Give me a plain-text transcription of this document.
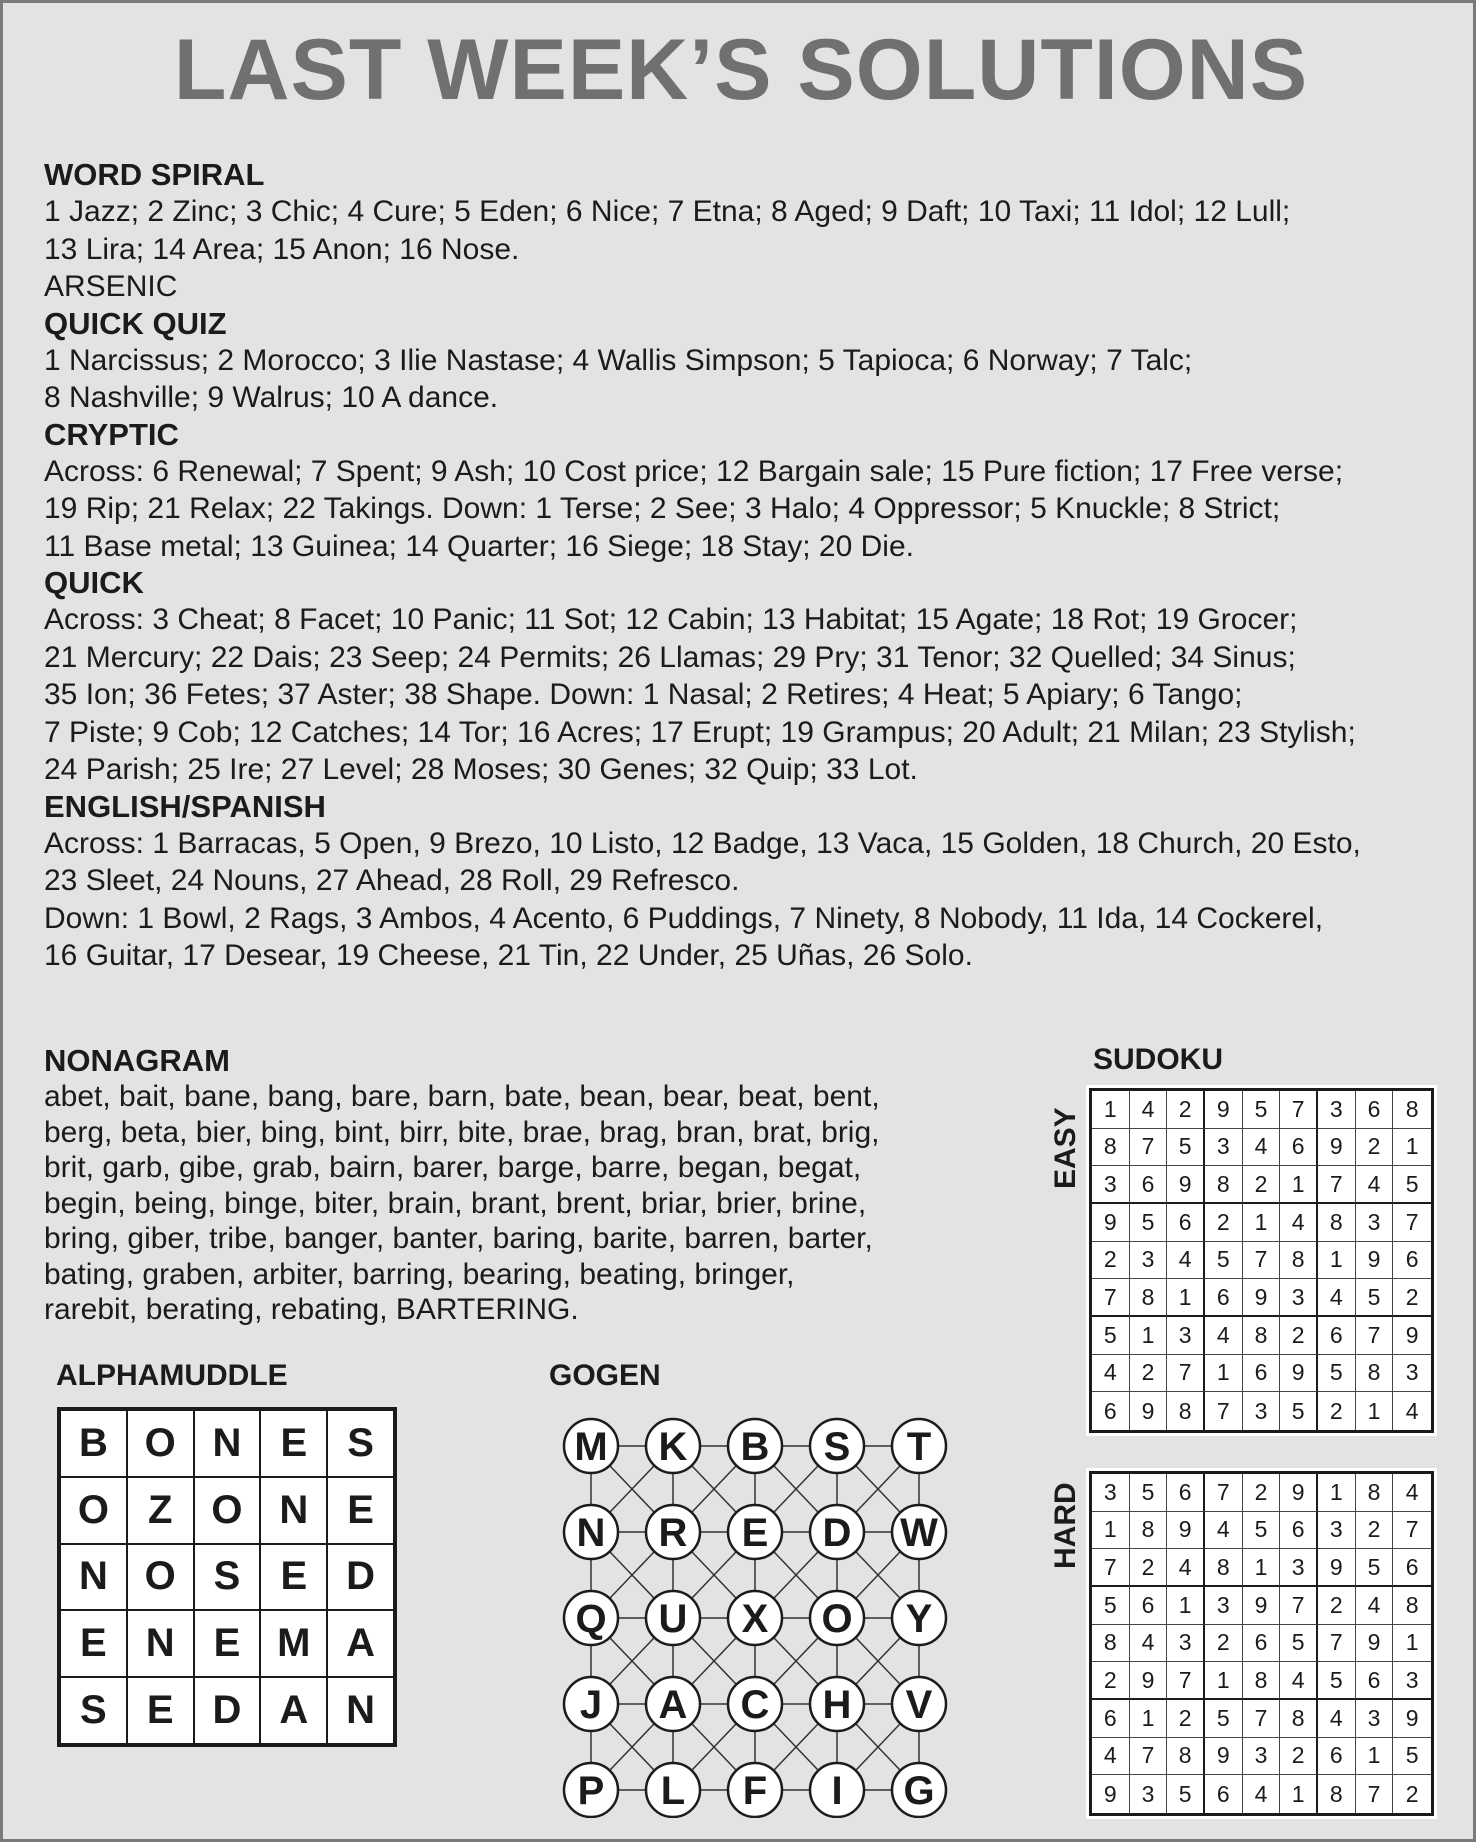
LAST WEEK’S SOLUTIONS
WORD SPIRAL
1 Jazz; 2 Zinc; 3 Chic; 4 Cure; 5 Eden; 6 Nice; 7 Etna; 8 Aged; 9 Daft; 10 Taxi; 11 Idol; 12 Lull;
13 Lira; 14 Area; 15 Anon; 16 Nose.
ARSENIC
QUICK QUIZ
1 Narcissus; 2 Morocco; 3 Ilie Nastase; 4 Wallis Simpson; 5 Tapioca; 6 Norway; 7 Talc;
8 Nashville; 9 Walrus; 10 A dance.
CRYPTIC
Across: 6 Renewal; 7 Spent; 9 Ash; 10 Cost price; 12 Bargain sale; 15 Pure fiction; 17 Free verse;
19 Rip; 21 Relax; 22 Takings. Down: 1 Terse; 2 See; 3 Halo; 4 Oppressor; 5 Knuckle; 8 Strict;
11 Base metal; 13 Guinea; 14 Quarter; 16 Siege; 18 Stay; 20 Die.
QUICK
Across: 3 Cheat; 8 Facet; 10 Panic; 11 Sot; 12 Cabin; 13 Habitat; 15 Agate; 18 Rot; 19 Grocer;
21 Mercury; 22 Dais; 23 Seep; 24 Permits; 26 Llamas; 29 Pry; 31 Tenor; 32 Quelled; 34 Sinus;
35 Ion; 36 Fetes; 37 Aster; 38 Shape. Down: 1 Nasal; 2 Retires; 4 Heat; 5 Apiary; 6 Tango;
7 Piste; 9 Cob; 12 Catches; 14 Tor; 16 Acres; 17 Erupt; 19 Grampus; 20 Adult; 21 Milan; 23 Stylish;
24 Parish; 25 Ire; 27 Level; 28 Moses; 30 Genes; 32 Quip; 33 Lot.
ENGLISH/SPANISH
Across: 1 Barracas, 5 Open, 9 Brezo, 10 Listo, 12 Badge, 13 Vaca, 15 Golden, 18 Church, 20 Esto,
23 Sleet, 24 Nouns, 27 Ahead, 28 Roll, 29 Refresco.
Down: 1 Bowl, 2 Rags, 3 Ambos, 4 Acento, 6 Puddings, 7 Ninety, 8 Nobody, 11 Ida, 14 Cockerel,
16 Guitar, 17 Desear, 19 Cheese, 21 Tin, 22 Under, 25 Uñas, 26 Solo.
NONAGRAM
abet, bait, bane, bang, bare, barn, bate, bean, bear, beat, bent,
berg, beta, bier, bing, bint, birr, bite, brae, brag, bran, brat, brig,
brit, garb, gibe, grab, bairn, barer, barge, barre, began, begat,
begin, being, binge, biter, brain, brant, brent, briar, brier, brine,
bring, giber, tribe, banger, banter, baring, barite, barren, barter,
bating, graben, arbiter, barring, bearing, beating, bringer,
rarebit, berating, rebating, BARTERING.
ALPHAMUDDLE
B O N E	S
O Z O N E
N O S	E D
E N E M A
S	E D A N
GOGEN
M K B S T
N R E D W
Q U X O Y
J A C H V
P L F I G
SUDOKU
1	4	2	9	5	7	3	6	8
8	7	5	3	4	6	9	2	1
3	6	9	8	2	1	7	4	5
9	5	6	2	1	4	8	3	7
2	3	4	5	7	8	1	9	6
7	8	1	6	9	3	4	5	2
5	1	3	4	8	2	6	7	9
4	2	7	1	6	9	5	8	3
6	9	8	7	3	5	2	1	4
EASY
3	5	6	7	2	9	1	8	4
1	8	9	4	5	6	3	2	7
7	2	4	8	1	3	9	5	6
5	6	1	3	9	7	2	4	8
8	4	3	2	6	5	7	9	1
2	9	7	1	8	4	5	6	3
6	1	2	5	7	8	4	3	9
4	7	8	9	3	2	6	1	5
9	3	5	6	4	1	8	7	2
HARD
